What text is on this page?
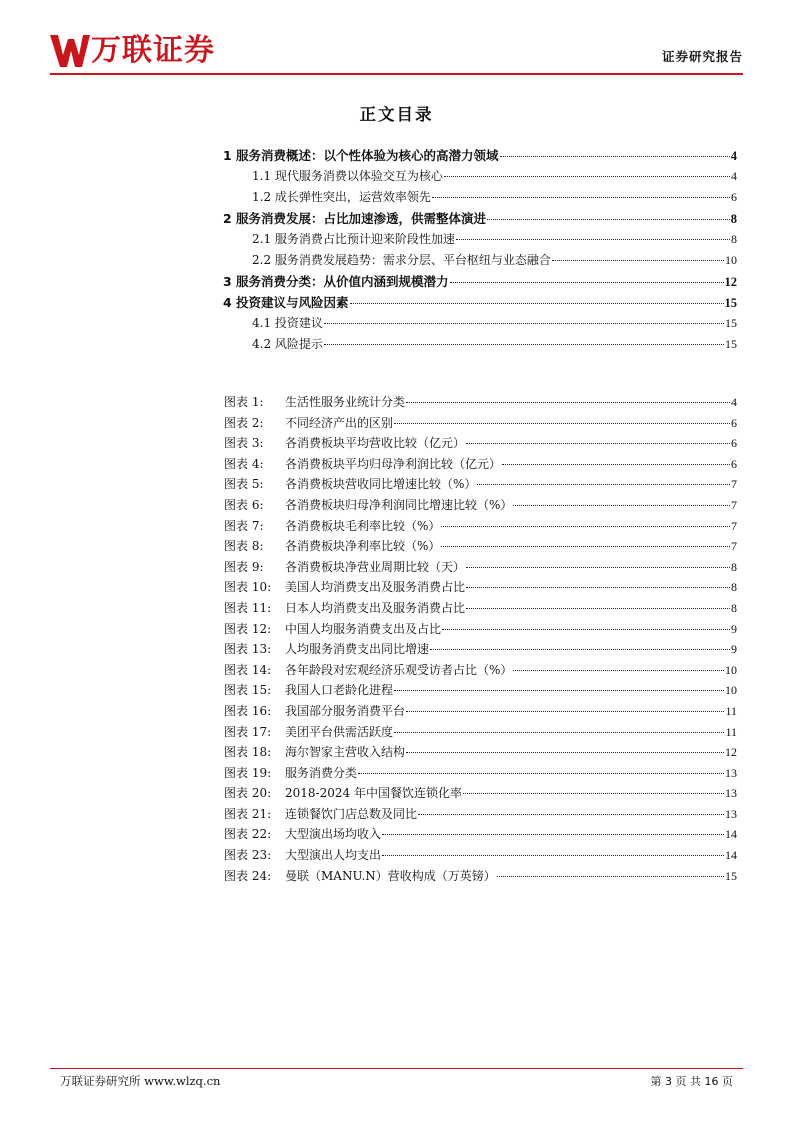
万联证券	证券研究报告
正文目录
1 服务消费概述：以个性体验为核心的高潜力领域	4
1.1 现代服务消费以体验交互为核心	4
1.2 成长弹性突出，运营效率领先	6
2 服务消费发展：占比加速渗透，供需整体演进	8
2.1 服务消费占比预计迎来阶段性加速	8
2.2 服务消费发展趋势：需求分层、平台枢纽与业态融合	10
3 服务消费分类：从价值内涵到规模潜力	12
4 投资建议与风险因素	15
4.1 投资建议	15
4.2 风险提示	15
图表 1:	生活性服务业统计分类	4
图表 2:	不同经济产出的区别	6
图表 3:	各消费板块平均营收比较（亿元）	6
图表 4:	各消费板块平均归母净利润比较（亿元）	6
图表 5:	各消费板块营收同比增速比较（%）	7
图表 6:	各消费板块归母净利润同比增速比较（%）	7
图表 7:	各消费板块毛利率比较（%）	7
图表 8:	各消费板块净利率比较（%）	7
图表 9:	各消费板块净营业周期比较（天）	8
图表 10:	美国人均消费支出及服务消费占比	8
图表 11:	日本人均消费支出及服务消费占比	8
图表 12:	中国人均服务消费支出及占比	9
图表 13:	人均服务消费支出同比增速	9
图表 14:	各年龄段对宏观经济乐观受访者占比（%）	10
图表 15:	我国人口老龄化进程	10
图表 16:	我国部分服务消费平台	11
图表 17:	美团平台供需活跃度	11
图表 18:	海尔智家主营收入结构	12
图表 19:	服务消费分类	13
图表 20:	2018-2024 年中国餐饮连锁化率	13
图表 21:	连锁餐饮门店总数及同比	13
图表 22:	大型演出场均收入	14
图表 23:	大型演出人均支出	14
图表 24:	曼联（MANU.N）营收构成（万英镑）	15
万联证券研究所 www.wlzq.cn	第 3 页 共 16 页
